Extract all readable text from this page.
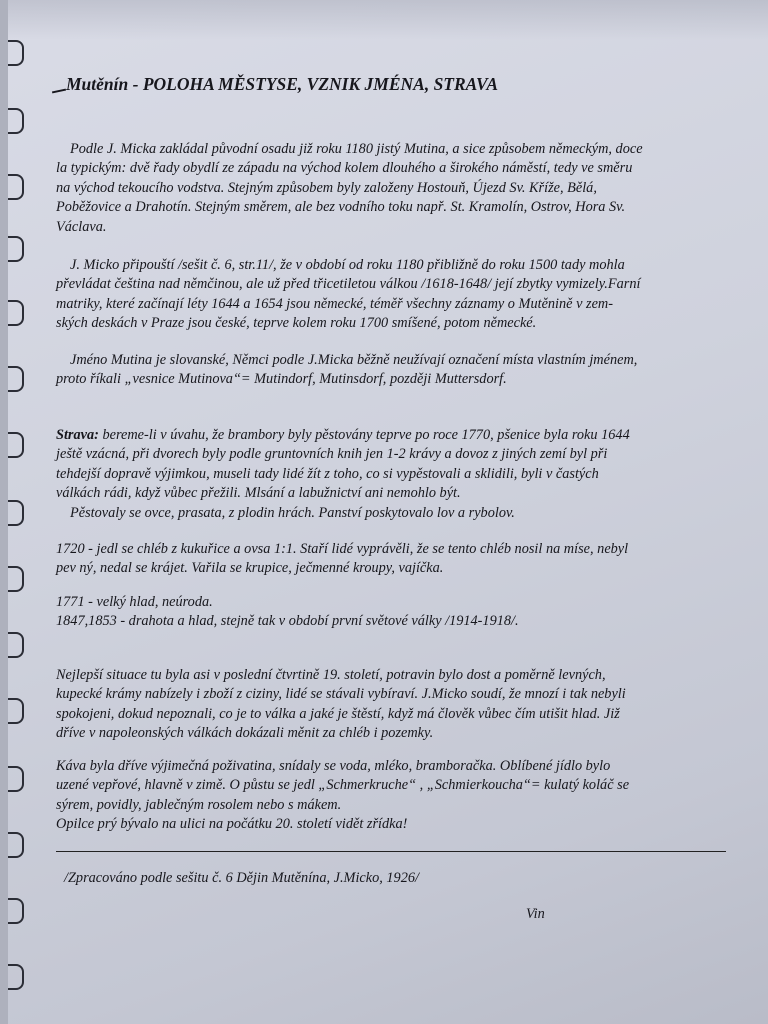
Mutěnín - POLOHA MĚSTYSE, VZNIK JMÉNA, STRAVA

Podle J. Micka zakládal původní osadu již roku 1180 jistý Mutina, a sice způsobem německým, doce
la typickým: dvě řady obydlí ze západu na východ kolem dlouhého a širokého náměstí, tedy ve směru
na východ tekoucího vodstva. Stejným způsobem byly založeny Hostouň, Újezd Sv. Kříže, Bělá,
Poběžovice a Drahotín. Stejným směrem, ale bez vodního toku např. St. Kramolín, Ostrov, Hora Sv.
Václava.

J. Micko připouští /sešit č. 6, str.11/, že v období od roku 1180 přibližně do roku 1500 tady mohla
převládat čeština nad němčinou, ale už před třicetiletou válkou /1618-1648/ její zbytky vymizely.Farní
matriky, které začínají léty 1644 a 1654 jsou německé, téměř všechny záznamy o Mutěnině v zem-
ských deskách v Praze jsou české, teprve kolem roku 1700 smíšené, potom německé.

Jméno Mutina je slovanské, Němci podle J.Micka běžně neužívají označení místa vlastním jménem,
proto říkali „vesnice Mutinova“= Mutindorf, Mutinsdorf, později Muttersdorf.

Strava: bereme-li v úvahu, že brambory byly pěstovány teprve po roce 1770, pšenice byla roku 1644
ještě vzácná, při dvorech byly podle gruntovních knih jen 1-2 krávy a dovoz z jiných zemí byl při
tehdejší dopravě výjimkou, museli tady lidé žít z toho, co si vypěstovali a sklidili, byli v častých
válkách rádi, když vůbec přežili. Mlsání a labužnictví ani nemohlo být.
Pěstovaly se ovce, prasata, z plodin hrách. Panství poskytovalo lov a rybolov.

1720 - jedl se chléb z kukuřice a ovsa 1:1. Staří lidé vyprávěli, že se tento chléb nosil na míse, nebyl
pev ný, nedal se krájet. Vařila se krupice, ječmenné kroupy, vajíčka.

1771 - velký hlad, neúroda.
1847,1853 - drahota a hlad, stejně tak v období první světové války /1914-1918/.

Nejlepší situace tu byla asi v poslední čtvrtině 19. století, potravin bylo dost a poměrně levných,
kupecké krámy nabízely i zboží z ciziny, lidé se stávali vybíraví. J.Micko soudí, že mnozí i tak nebyli
spokojeni, dokud nepoznali, co je to válka a jaké je štěstí, když má člověk vůbec čím utišit hlad. Již
dříve v napoleonských válkách dokázali měnit za chléb i pozemky.

Káva byla dříve výjimečná poživatina, snídaly se voda, mléko, bramboračka. Oblíbené jídlo bylo
uzené vepřové, hlavně v zimě. O půstu se jedl „Schmerkruche“ , „Schmierkoucha“= kulatý koláč se
sýrem, povidly, jablečným rosolem nebo s mákem.
Opilce prý bývalo na ulici na počátku 20. století vidět zřídka!

/Zpracováno podle sešitu č. 6 Dějin Mutěnína, J.Micko, 1926/
Vin
